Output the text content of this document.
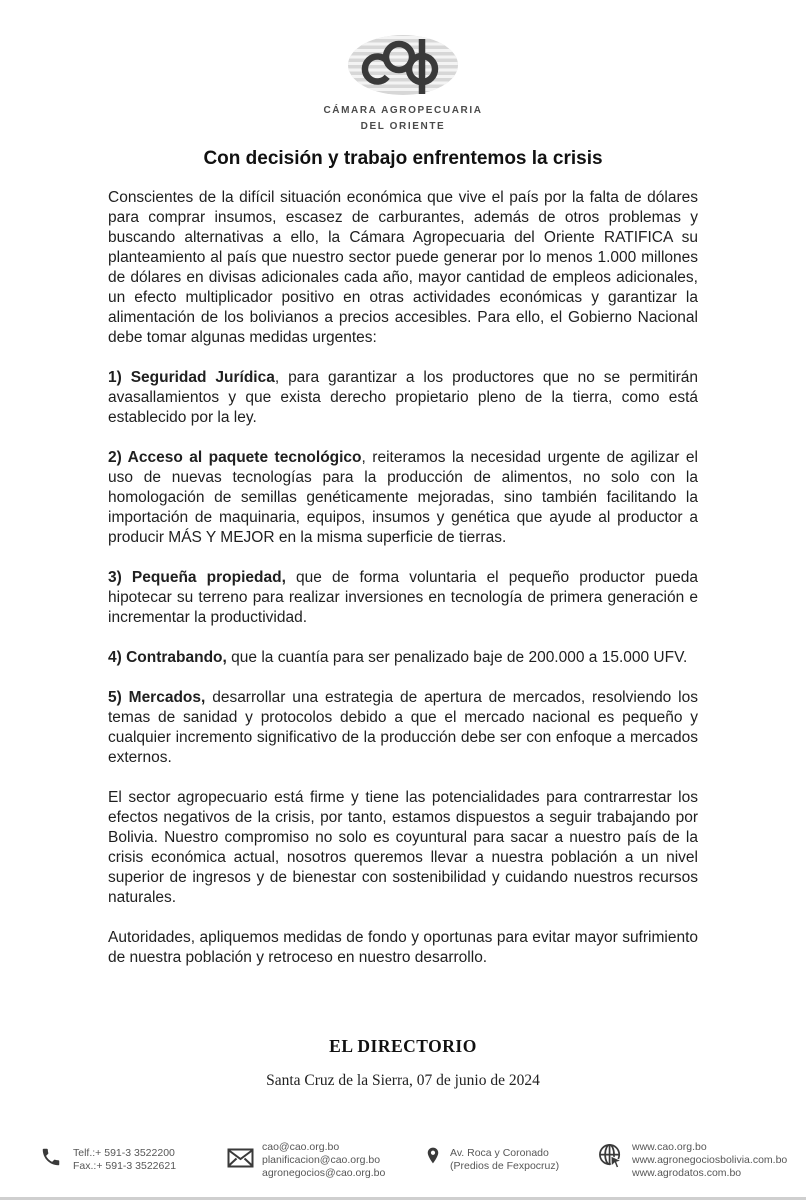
CÁMARA AGROPECUARIA
DEL ORIENTE
Con decisión y trabajo enfrentemos la crisis

Conscientes de la difícil situación económica que vive el país por la falta de dólares para comprar insumos, escasez de carburantes, además de otros problemas y buscando alternativas a ello, la Cámara Agropecuaria del Oriente RATIFICA su planteamiento al país que nuestro sector puede generar por lo menos 1.000 millones de dólares en divisas adicionales cada año, mayor cantidad de empleos adicionales, un efecto multiplicador positivo en otras actividades económicas y garantizar la alimentación de los bolivianos a precios accesibles. Para ello, el Gobierno Nacional debe tomar algunas medidas urgentes:

1) Seguridad Jurídica, para garantizar a los productores que no se permitirán avasallamientos y que exista derecho propietario pleno de la tierra, como está establecido por la ley.

2) Acceso al paquete tecnológico, reiteramos la necesidad urgente de agilizar el uso de nuevas tecnologías para la producción de alimentos, no solo con la homologación de semillas genéticamente mejoradas, sino también facilitando la importación de maquinaria, equipos, insumos y genética que ayude al productor a producir MÁS Y MEJOR en la misma superficie de tierras.

3) Pequeña propiedad, que de forma voluntaria el pequeño productor pueda hipotecar su terreno para realizar inversiones en tecnología de primera generación e incrementar la productividad.

4) Contrabando, que la cuantía para ser penalizado baje de 200.000 a 15.000 UFV.

5) Mercados, desarrollar una estrategia de apertura de mercados, resolviendo los temas de sanidad y protocolos debido a que el mercado nacional es pequeño y cualquier incremento significativo de la producción debe ser con enfoque a mercados externos.

El sector agropecuario está firme y tiene las potencialidades para contrarrestar los efectos negativos de la crisis, por tanto, estamos dispuestos a seguir trabajando por Bolivia. Nuestro compromiso no solo es coyuntural para sacar a nuestro país de la crisis económica actual, nosotros queremos llevar a nuestra población a un nivel superior de ingresos y de bienestar con sostenibilidad y cuidando nuestros recursos naturales.

Autoridades, apliquemos medidas de fondo y oportunas para evitar mayor sufrimiento de nuestra población y retroceso en nuestro desarrollo.

EL DIRECTORIO
Santa Cruz de la Sierra, 07 de junio de 2024
Telf.:+ 591-3 3522200
Fax.:+ 591-3 3522621
cao@cao.org.bo
planificacion@cao.org.bo
agronegocios@cao.org.bo
Av. Roca y Coronado
(Predios de Fexpocruz)
www.cao.org.bo
www.agronegociosbolivia.com.bo
www.agrodatos.com.bo
